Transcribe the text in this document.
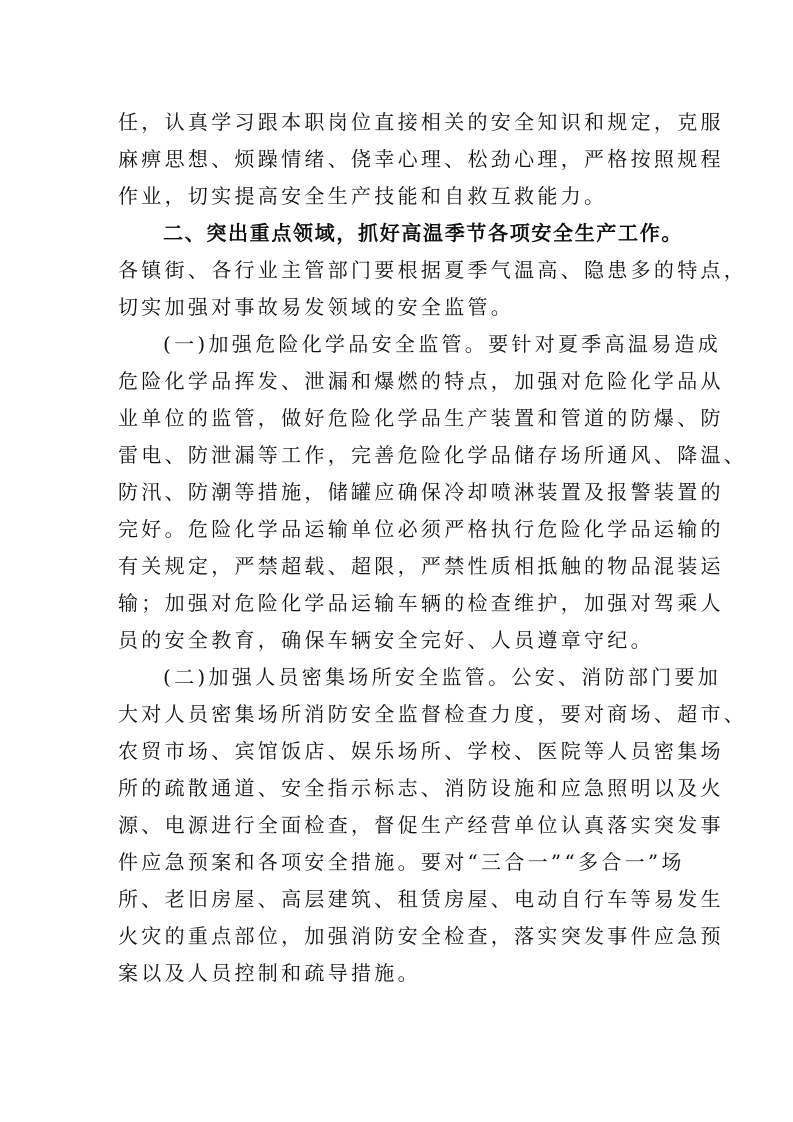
任，认真学习跟本职岗位直接相关的安全知识和规定，克服
麻痹思想、烦躁情绪、侥幸心理、松劲心理，严格按照规程
作业，切实提高安全生产技能和自救互救能力。
二、突出重点领域，抓好高温季节各项安全生产工作。
各镇街、各行业主管部门要根据夏季气温高、隐患多的特点，
切实加强对事故易发领域的安全监管。
(一)加强危险化学品安全监管。要针对夏季高温易造成
危险化学品挥发、泄漏和爆燃的特点，加强对危险化学品从
业单位的监管，做好危险化学品生产装置和管道的防爆、防
雷电、防泄漏等工作，完善危险化学品储存场所通风、降温、
防汛、防潮等措施，储罐应确保冷却喷淋装置及报警装置的
完好。危险化学品运输单位必须严格执行危险化学品运输的
有关规定，严禁超载、超限，严禁性质相抵触的物品混装运
输；加强对危险化学品运输车辆的检查维护，加强对驾乘人
员的安全教育，确保车辆安全完好、人员遵章守纪。
(二)加强人员密集场所安全监管。公安、消防部门要加
大对人员密集场所消防安全监督检查力度，要对商场、超市、
农贸市场、宾馆饭店、娱乐场所、学校、医院等人员密集场
所的疏散通道、安全指示标志、消防设施和应急照明以及火
源、电源进行全面检查，督促生产经营单位认真落实突发事
件应急预案和各项安全措施。要对“三合一”“多合一”场
所、老旧房屋、高层建筑、租赁房屋、电动自行车等易发生
火灾的重点部位，加强消防安全检查，落实突发事件应急预
案以及人员控制和疏导措施。
